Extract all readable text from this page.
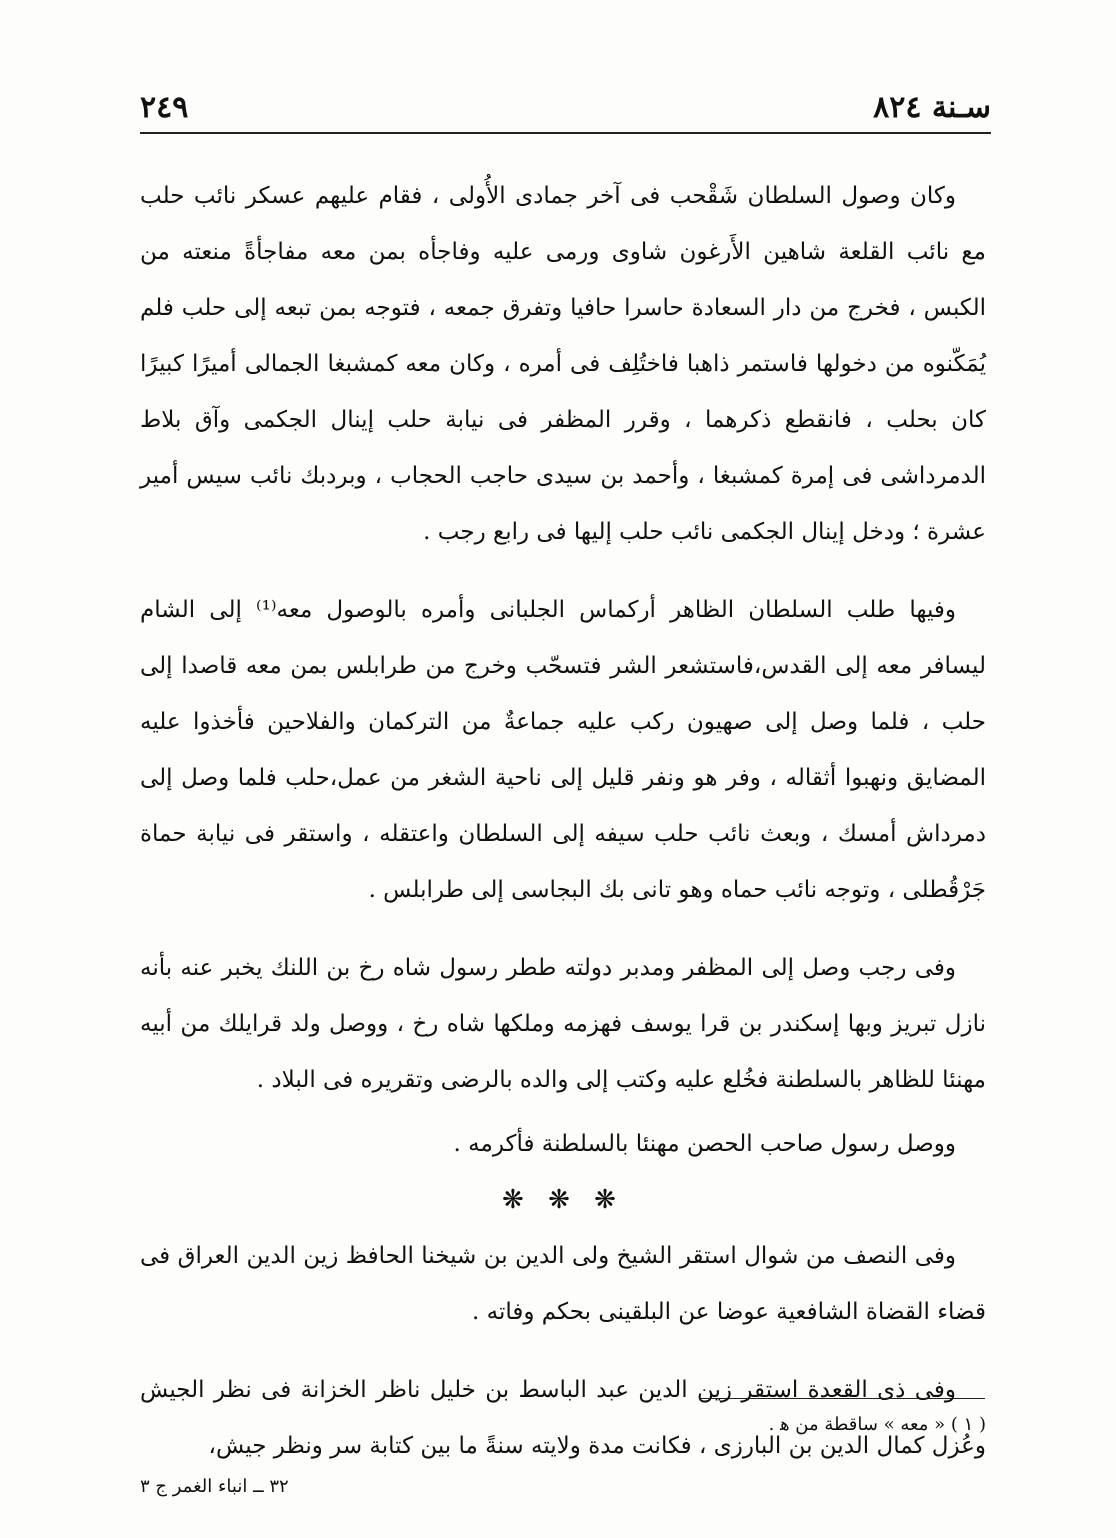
سـنة ٨٢٤
٢٤٩

وكان وصول السلطان شَقْحب فى آخر جمادى الأُولى ، فقام عليهم عسكر نائب حلب مع نائب القلعة شاهين الأَرغون شاوى ورمى عليه وفاجأه بمن معه مفاجأةً منعته من الكبس ، فخرج من دار السعادة حاسرا حافيا وتفرق جمعه ، فتوجه بمن تبعه إلى حلب فلم يُمَكّنوه من دخولها فاستمر ذاهبا فاختُلِف فى أمره ، وكان معه كمشبغا الجمالى أميرًا كبيرًا كان بحلب ، فانقطع ذكرهما ، وقرر المظفر فى نيابة حلب إينال الجكمى وآق بلاط الدمرداشى فى إمرة كمشبغا ، وأحمد بن سيدى حاجب الحجاب ، وبردبك نائب سيس أمير عشرة ؛ ودخل إينال الجكمى نائب حلب إليها فى رابع رجب .

وفيها طلب السلطان الظاهر أركماس الجلبانى وأمره بالوصول معه⁽¹⁾ إلى الشام ليسافر معه إلى القدس،فاستشعر الشر فتسحّب وخرج من طرابلس بمن معه قاصدا إلى حلب ، فلما وصل إلى صهيون ركب عليه جماعةٌ من التركمان والفلاحين فأخذوا عليه المضايق ونهبوا أثقاله ، وفر هو ونفر قليل إلى ناحية الشغر من عمل،حلب فلما وصل إلى دمرداش أمسك ، وبعث نائب حلب سيفه إلى السلطان واعتقله ، واستقر فى نيابة حماة جَرْقُطلى ، وتوجه نائب حماه وهو تانى بك البجاسى إلى طرابلس .

وفى رجب وصل إلى المظفر ومدبر دولته ططر رسول شاه رخ بن اللنك يخبر عنه بأنه نازل تبريز وبها إسكندر بن قرا يوسف فهزمه وملكها شاه رخ ، ووصل ولد قرايلك من أبيه مهنئا للظاهر بالسلطنة فخُلع عليه وكتب إلى والده بالرضى وتقريره فى البلاد .

ووصل رسول صاحب الحصن مهنئا بالسلطنة فأكرمه .

❋ ❋ ❋

وفى النصف من شوال استقر الشيخ ولى الدين بن شيخنا الحافظ زين الدين العراق فى قضاء القضاة الشافعية عوضا عن البلقينى بحكم وفاته .

وفى ذى القعدة استقر زين الدين عبد الباسط بن خليل ناظر الخزانة فى نظر الجيش وعُزل كمال الدين بن البارزى ، فكانت مدة ولايته سنةً ما بين كتابة سر ونظر جيش،

( ١ ) « معه » ساقطة من ﻫ .
٣٢ ــ انباء الغمر ج ٣
